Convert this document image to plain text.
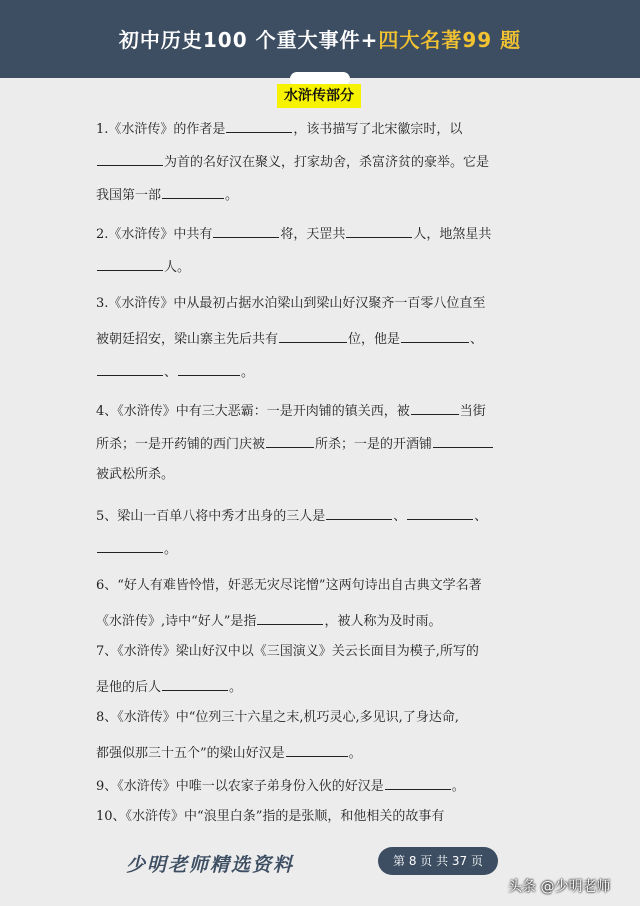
初中历史100 个重大事件+四大名著99 题
水浒传部分
1.《水浒传》的作者是	，该书描写了北宋徽宗时，以
为首的名好汉在聚义，打家劫舍，杀富济贫的豪举。它是
我国第一部	。
2.《水浒传》中共有	将，天罡共	人，地煞星共
人。
3.《水浒传》中从最初占据水泊梁山到梁山好汉聚齐一百零八位直至
被朝廷招安，梁山寨主先后共有	位，他是	、
、	。
4、《水浒传》中有三大恶霸：一是开肉铺的镇关西，被	当街
所杀；一是开药铺的西门庆被	所杀；一是的开酒铺
被武松所杀。
5、梁山一百单八将中秀才出身的三人是	、	、
。
6、“好人有难皆怜惜，奸恶无灾尽诧憎”这两句诗出自古典文学名著
《水浒传》,诗中“好人”是指	，被人称为及时雨。
7、《水浒传》梁山好汉中以《三国演义》关云长面目为模子,所写的
是他的后人	。
8、《水浒传》中“位列三十六星之末,机巧灵心,多见识,了身达命,
都强似那三十五个”的梁山好汉是	。
9、《水浒传》中唯一以农家子弟身份入伙的好汉是	。
10、《水浒传》中“浪里白条”指的是张顺，和他相关的故事有
少明老师精选资料	第 8 页 共 37 页
头条 @少明老师
